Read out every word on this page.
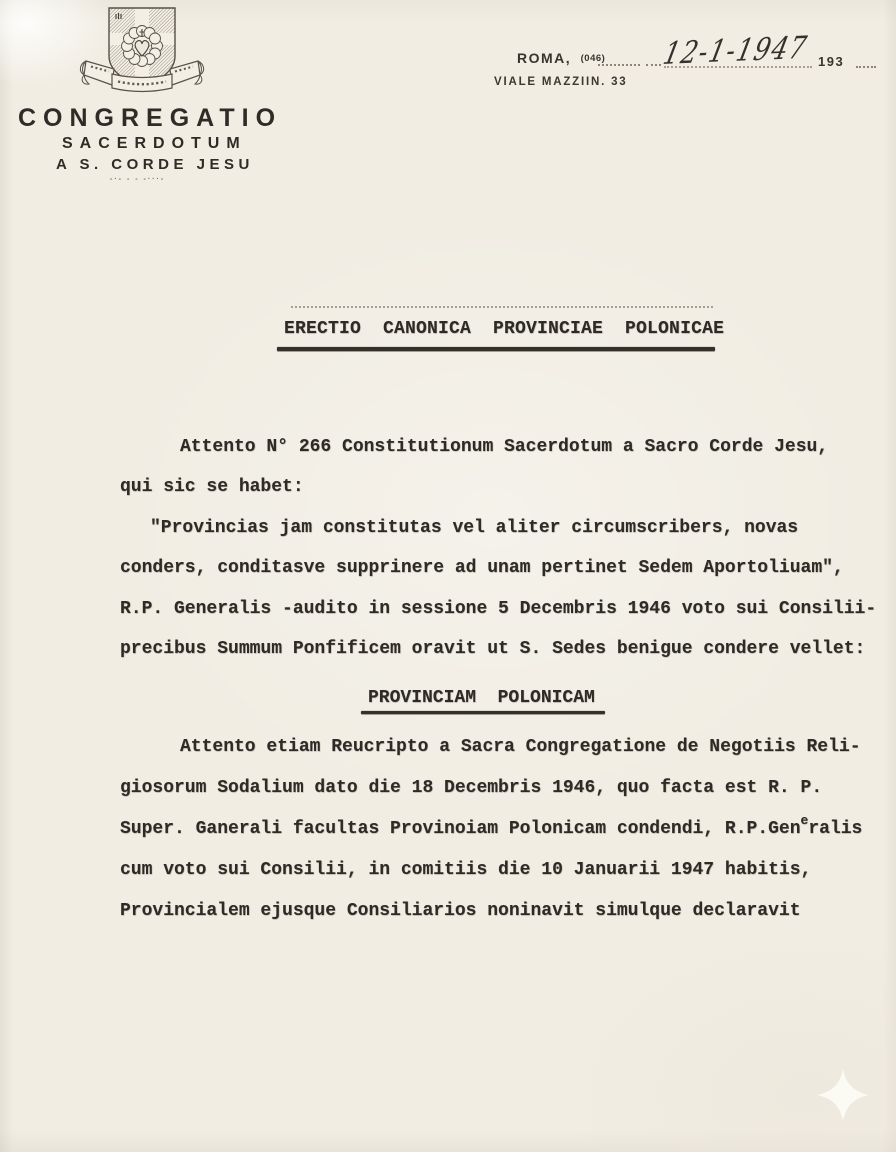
CONGREGATIO
SACERDOTUM
A S. CORDE JESU
-·- - - -···-
ROMA, (046) 12-1-1947 193
VIALE MAZZIIN. 33
ERECTIO  CANONICA  PROVINCIAE  POLONICAE
Attento N° 266 Constitutionum Sacerdotum a Sacro Corde Jesu,
qui sic se habet:
"Provincias jam constitutas vel aliter circumscribers, novas
conders, conditasve supprinere ad unam pertinet Sedem Aportoliuam",
R.P. Generalis -audito in sessione 5 Decembris 1946 voto sui Consilii-
precibus Summum Ponfificem oravit ut S. Sedes benigue condere vellet:
PROVINCIAM  POLONICAM
Attento etiam Reucripto a Sacra Congregatione de Negotiis Reli-
giosorum Sodalium dato die 18 Decembris 1946, quo facta est R. P.
Super. Ganerali facultas Provinoiam Polonicam condendi, R.P.Generalis
cum voto sui Consilii, in comitiis die 10 Januarii 1947 habitis,
Provincialem ejusque Consiliarios noninavit simulque declaravit
